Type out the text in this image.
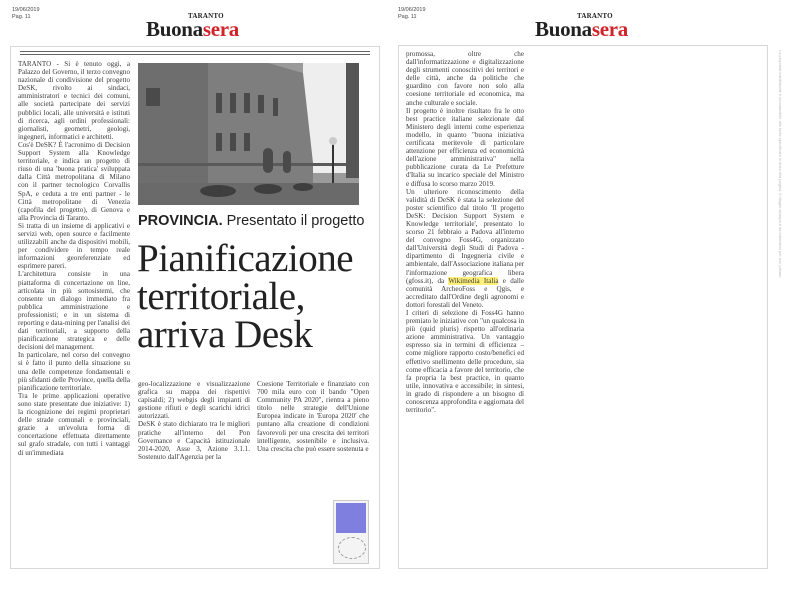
19/06/2019
Pag. 11	TARANTO
Buonasera
PROVINCIA. Presentato il progetto
Pianificazione
territoriale,
arriva Desk

TARANTO - Si è tenuto oggi, a Palazzo del Governo, il terzo convegno nazionale di condivisione del progetto DeSK, rivolto ai sindaci, amministratori e tecnici dei comuni, alle società partecipate dei servizi pubblici locali, alle università e istituti di ricerca, agli ordini professionali: giornalisti, geometri, geologi, ingegneri, informatici e architetti.

Cos'è DeSK? È l'acronimo di Decision Support System alla Knowledge territoriale, e indica un progetto di riuso di una 'buona pratica' sviluppata dalla Città metropolitana di Milano con il partner tecnologico Corvallis SpA, e ceduta a tre enti partner - le Città metropolitane di Venezia (capofila del progetto), di Genova e alla Provincia di Taranto.

Si tratta di un insieme di applicativi e servizi web, open source e facilmente utilizzabili anche da dispositivi mobili, per condividere in tempo reale informazioni georeferenziate ed esprimere pareri.

L'architettura consiste in una piattaforma di concertazione on line, articolata in più sottosistemi, che consente un dialogo immediato fra pubblica amministrazione e professionisti; e in un sistema di reporting e data-mining per l'analisi dei dati territoriali, a supporto della pianificazione strategica e delle decisioni del management.

In particolare, nel corso del convegno si è fatto il punto della situazione su una delle competenze fondamentali e più sfidanti delle Province, quella della pianificazione territoriale.

Tra le prime applicazioni operative sono state presentate due iniziative: 1) la ricognizione dei regimi proprietari delle strade comunali e provinciali, grazie a un'evoluta forma di concertazione effettuata direttamente sul grafo stradale, con tutti i vantaggi di un'immediata

geo-localizzazione e visualizzazione grafica su mappa dei rispettivi capisaldi; 2) webgis degli impianti di gestione rifiuti e degli scarichi idrici autorizzati.

DeSK è stato dichiarato tra le migliori pratiche all'interno del Pon Governance e Capacità istituzionale 2014-2020, Asse 3, Azione 3.1.1. Sostenuto dall'Agenzia per la

Coesione Territoriale e finanziato con 700 mila euro con il bando "Open Community PA 2020", rientra a pieno titolo nelle strategie dell'Unione Europea indicate in 'Europa 2020' che puntano alla creazione di condizioni favorevoli per una crescita dei territori intelligente, sostenibile e inclusiva. Una crescita che può essere sostenuta e

19/06/2019
Pag. 11	TARANTO
Buonasera

promossa, oltre che dall'informatizzazione e digitalizzazione degli strumenti conoscitivi dei territori e delle città, anche da politiche che guardino con favore non solo alla coesione territoriale ed economica, ma anche culturale e sociale.

Il progetto è inoltre risultato fra le otto best practice italiane selezionate dal Ministero degli interni come esperienza modello, in quanto "buona iniziativa certificata meritevole di particolare attenzione per efficienza ed economicità dell'azione amministrativa" nella pubblicazione curata da Le Prefetture d'Italia su incarico speciale del Ministro e diffusa lo scorso marzo 2019.

Un ulteriore riconoscimento della validità di DeSK è stata la selezione del poster scientifico dal titolo 'Il progetto DeSK: Decision Support System e Knowledge territoriale', presentato lo scorso 21 febbraio a Padova all'interno del convegno Foss4G, organizzato dall'Università degli Studi di Padova - dipartimento di Ingegneria civile e ambientale, dall'Associazione italiana per l'informazione geografica libera (gfoss.it), da Wikimedia Italia e dalle comunità ArcheoFoss e Qgis, e accreditato dall'Ordine degli agronomi e dottori forestali del Veneto.

I criteri di selezione di Foss4G hanno premiato le iniziative con "un qualcosa in più (quid pluris) rispetto all'ordinaria azione amministrativa. Un vantaggio espresso sia in termini di efficienza – come migliore rapporto costo/benefici ed effettivo snellimento delle procedure, sia come efficacia a favore del territorio, che fa propria la best practice, in quanto utile, innovativa e accessibile; in sintesi, in grado di rispondere a un bisogno di conoscenza approfondita e aggiornata del territorio".

La proprietà intellettuale è riconducibile alla fonte specificata in testa alla pagina. Il ritaglio stampa è da intendersi per uso privato
